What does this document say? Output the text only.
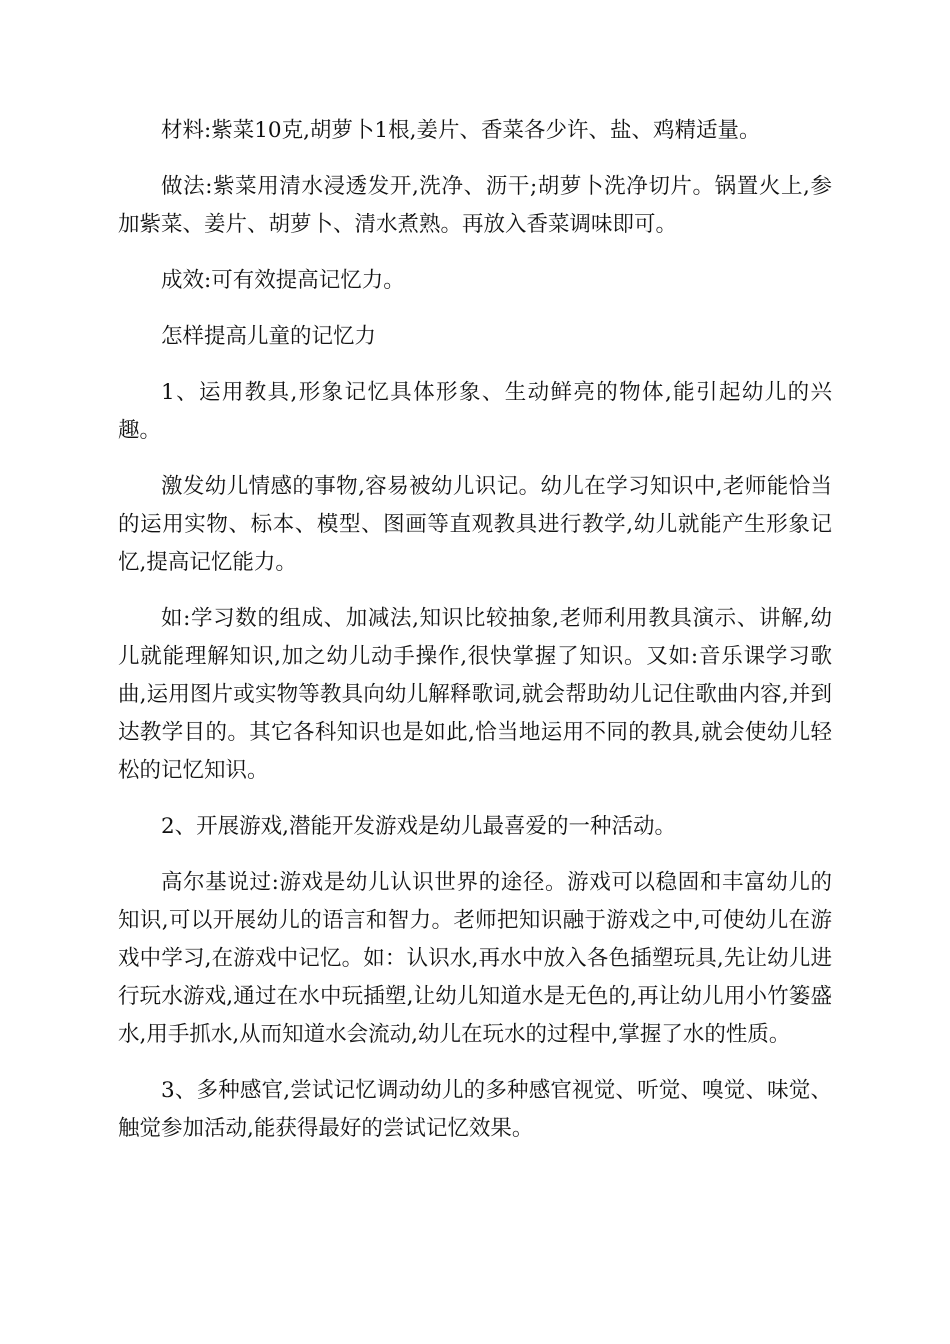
材料:紫菜10克,胡萝卜1根,姜片、香菜各少许、盐、鸡精适量。

做法:紫菜用清水浸透发开,洗净、沥干;胡萝卜洗净切片。锅置火上,参加紫菜、姜片、胡萝卜、清水煮熟。再放入香菜调味即可。

成效:可有效提高记忆力。

怎样提高儿童的记忆力

1、运用教具,形象记忆具体形象、生动鲜亮的物体,能引起幼儿的兴趣。

激发幼儿情感的事物,容易被幼儿识记。幼儿在学习知识中,老师能恰当的运用实物、标本、模型、图画等直观教具进行教学,幼儿就能产生形象记忆,提高记忆能力。

如:学习数的组成、加减法,知识比较抽象,老师利用教具演示、讲解,幼儿就能理解知识,加之幼儿动手操作,很快掌握了知识。又如:音乐课学习歌曲,运用图片或实物等教具向幼儿解释歌词,就会帮助幼儿记住歌曲内容,并到达教学目的。其它各科知识也是如此,恰当地运用不同的教具,就会使幼儿轻松的记忆知识。

2、开展游戏,潜能开发游戏是幼儿最喜爱的一种活动。

高尔基说过:游戏是幼儿认识世界的途径。游戏可以稳固和丰富幼儿的知识,可以开展幼儿的语言和智力。老师把知识融于游戏之中,可使幼儿在游戏中学习,在游戏中记忆。如：认识水,再水中放入各色插塑玩具,先让幼儿进行玩水游戏,通过在水中玩插塑,让幼儿知道水是无色的,再让幼儿用小竹篓盛水,用手抓水,从而知道水会流动,幼儿在玩水的过程中,掌握了水的性质。

3、多种感官,尝试记忆调动幼儿的多种感官视觉、听觉、嗅觉、味觉、触觉参加活动,能获得最好的尝试记忆效果。
